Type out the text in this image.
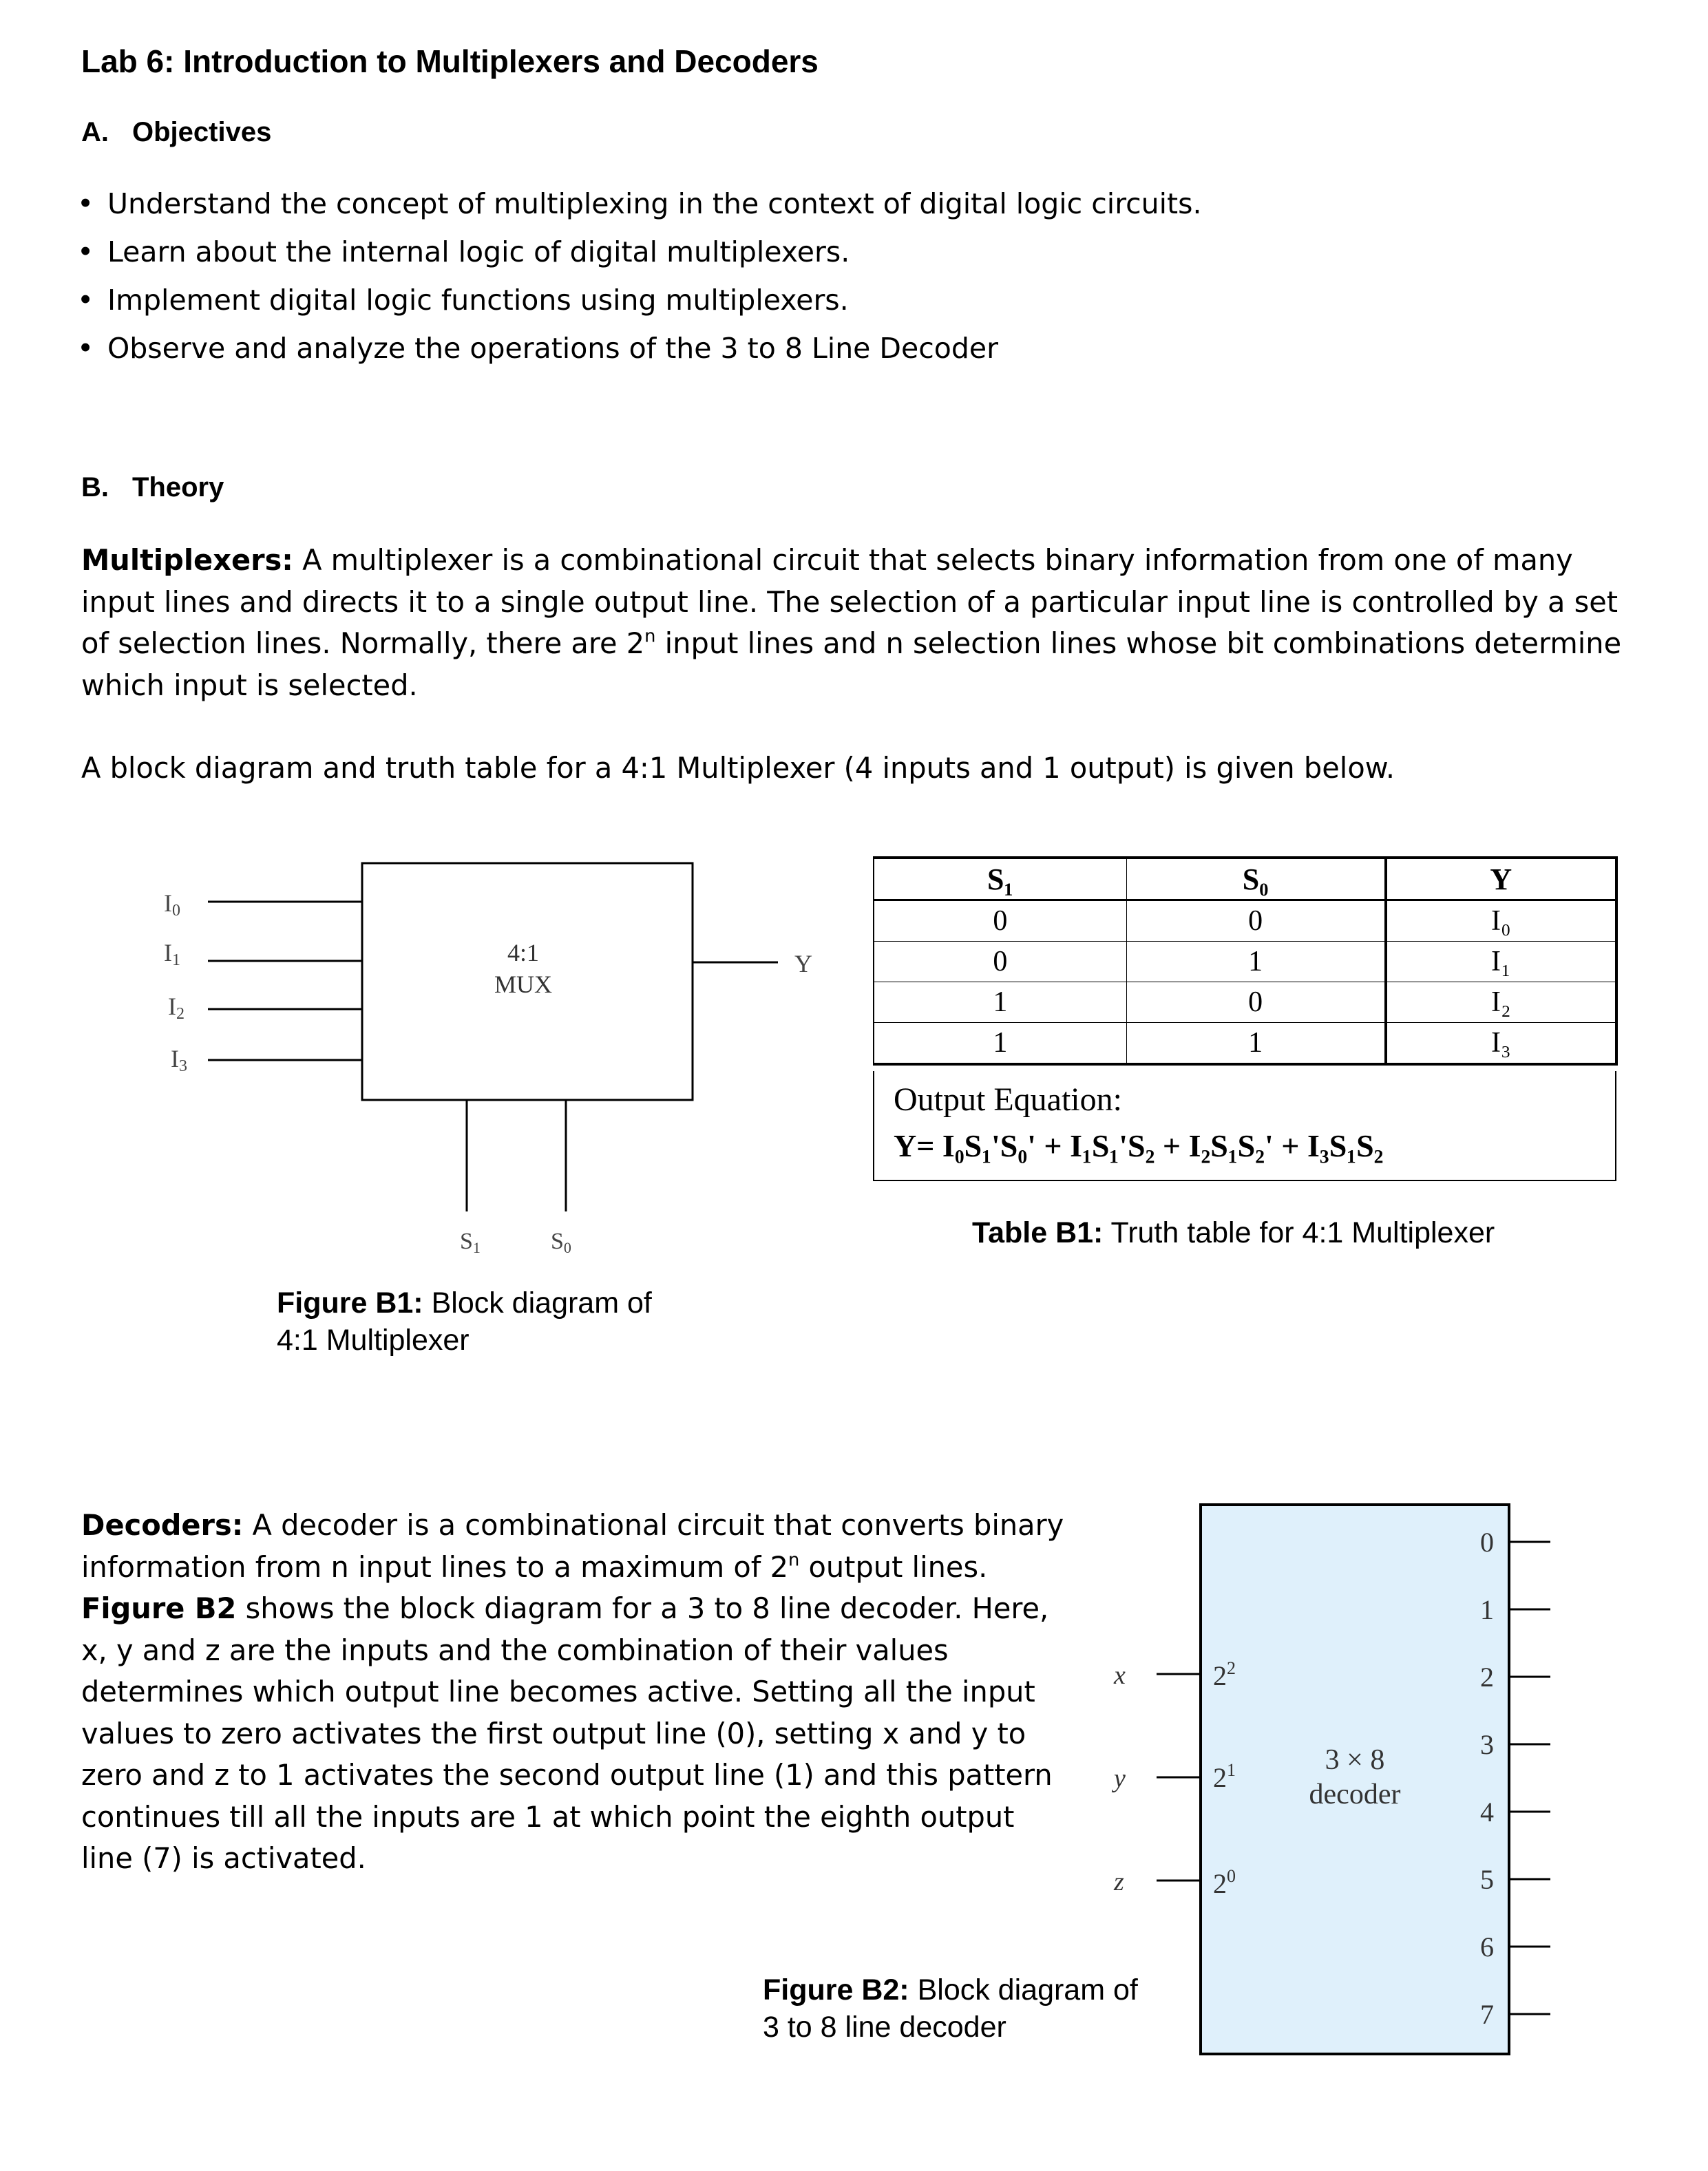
Lab 6: Introduction to Multiplexers and Decoders
A. Objectives
• Understand the concept of multiplexing in the context of digital logic circuits.
• Learn about the internal logic of digital multiplexers.
• Implement digital logic functions using multiplexers.
• Observe and analyze the operations of the 3 to 8 Line Decoder
B. Theory
Multiplexers: A multiplexer is a combinational circuit that selects binary information from one of many input lines and directs it to a single output line. The selection of a particular input line is controlled by a set of selection lines. Normally, there are 2$^n$ input lines and n selection lines whose bit combinations determine which input is selected.
A block diagram and truth table for a 4:1 Multiplexer (4 inputs and 1 output) is given below.
I0
I1
I2
I3
4:1
MUX
Y
S1	S0
Figure B1: Block diagram of
4:1 Multiplexer
S₁	S₀	Y
0	0	I₀
0	1	I₁
1	0	I₂
1	1	I₃
Output Equation:
Y= I₀S₁'S₀' + I₁S₁'S₂ + I₂S₁S₂' + I₃S₁S₂
Table B1: Truth table for 4:1 Multiplexer
Decoders: A decoder is a combinational circuit that converts binary information from n input lines to a maximum of 2$^n$ output lines. Figure B2 shows the block diagram for a 3 to 8 line decoder. Here, x, y and z are the inputs and the combination of their values determines which output line becomes active. Setting all the input values to zero activates the first output line (0), setting x and y to zero and z to 1 activates the second output line (1) and this pattern continues till all the inputs are 1 at which point the eighth output line (7) is activated.
x
y
z
$2^2$
$2^1$
$2^0$
3 × 8
decoder
0
1
2
3
4
5
6
7
Figure B2: Block diagram of
3 to 8 line decoder
